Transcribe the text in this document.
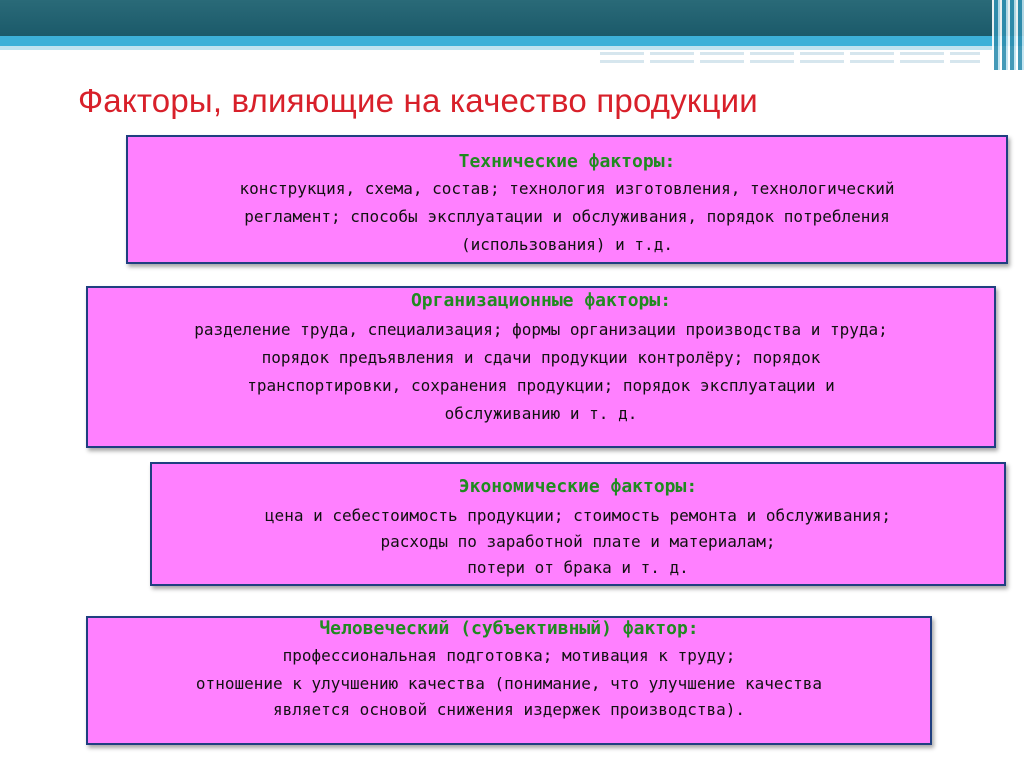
Факторы, влияющие на качество продукции
Технические факторы:
конструкция, схема, состав; технология изготовления, технологический
регламент; способы эксплуатации и обслуживания, порядок потребления
(использования) и т.д.
Организационные факторы:
разделение труда, специализация; формы организации производства и труда;
порядок предъявления и сдачи продукции контролёру; порядок
транспортировки, сохранения продукции; порядок эксплуатации и
обслуживанию и т. д.
Экономические факторы:
цена и себестоимость продукции; стоимость ремонта и обслуживания;
расходы по заработной плате и материалам;
потери от брака и т. д.
Человеческий (субъективный) фактор:
профессиональная подготовка; мотивация к труду;
отношение к улучшению качества (понимание, что улучшение качества
является основой снижения издержек производства).
